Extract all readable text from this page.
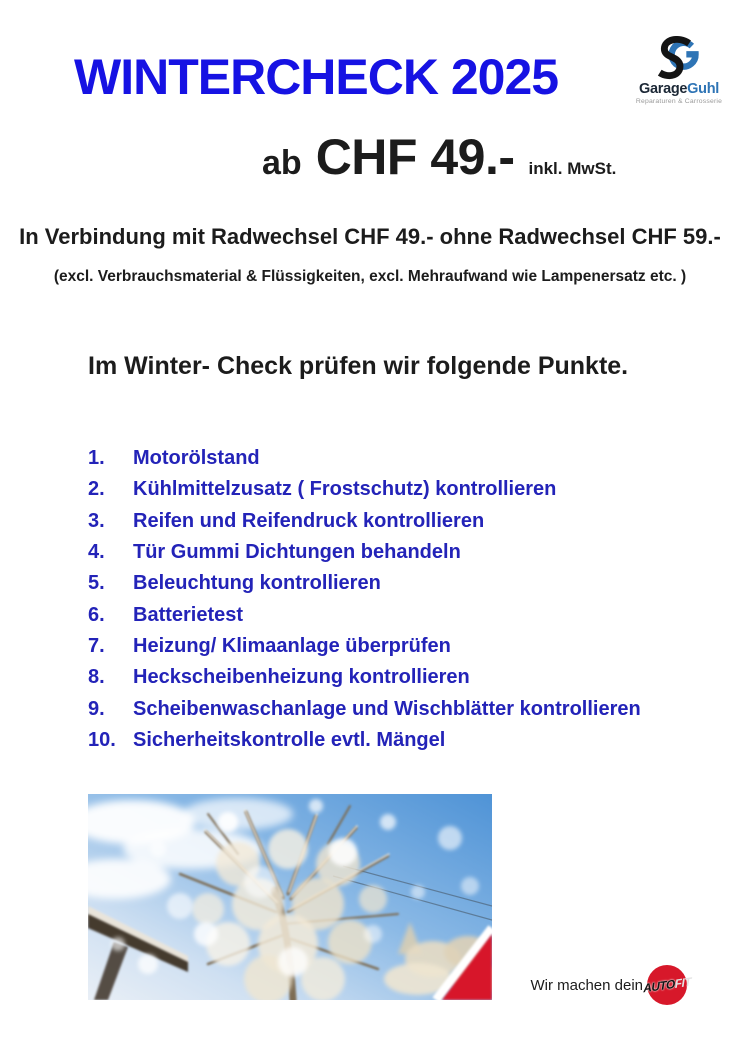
WINTERCHECK 2025	GarageGuhl
Reparaturen & Carrosserie
ab CHF 49.- inkl. MwSt.
In Verbindung mit Radwechsel CHF 49.- ohne Radwechsel CHF 59.-
(excl. Verbrauchsmaterial & Flüssigkeiten, excl. Mehraufwand wie Lampenersatz etc. )
Im Winter- Check prüfen wir folgende Punkte.
1.	Motorölstand
2.	Kühlmittelzusatz ( Frostschutz) kontrollieren
3.	Reifen und Reifendruck kontrollieren
4.	Tür Gummi Dichtungen behandeln
5.	Beleuchtung kontrollieren
6.	Batterietest
7.	Heizung/ Klimaanlage überprüfen
8.	Heckscheibenheizung kontrollieren
9.	Scheibenwaschanlage und Wischblätter kontrollieren
10. Sicherheitskontrolle evtl. Mängel
Wir machen dein AUTOFIT
